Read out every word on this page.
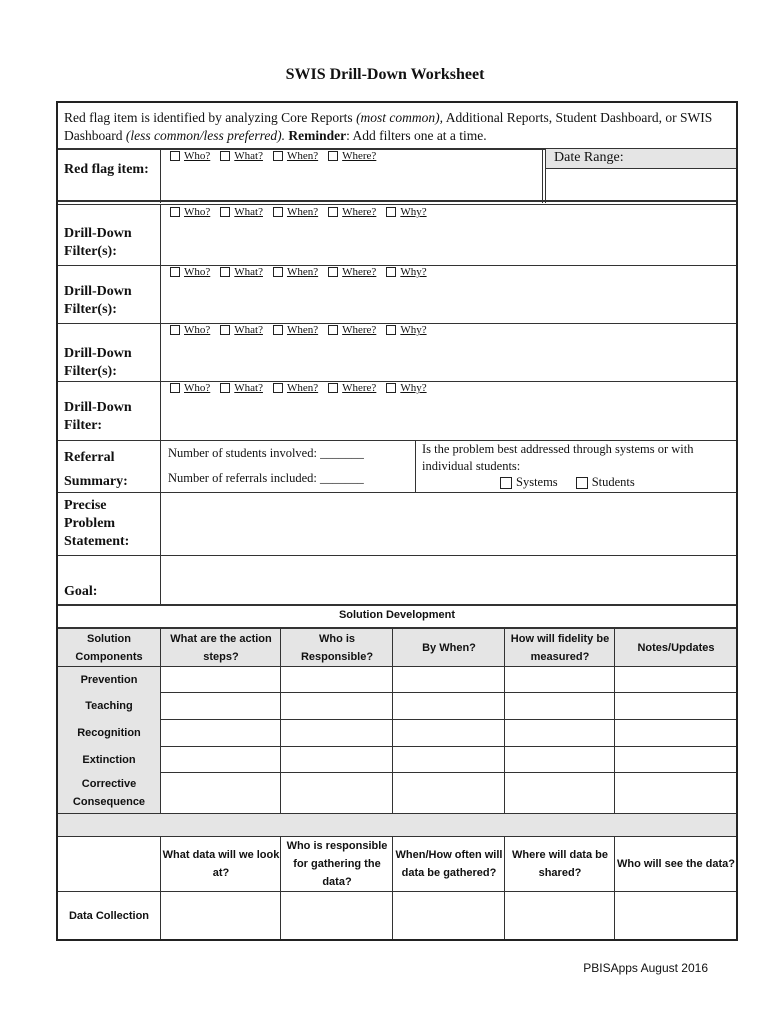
SWIS Drill-Down Worksheet
Red flag item is identified by analyzing Core Reports (most common), Additional Reports, Student Dashboard, or SWIS Dashboard (less common/less preferred). Reminder: Add filters one at a time.
Red flag item:
Who? What? When? Where?	Date Range:
Who? What? When? Where? Why?
Drill-Down Filter(s):
Who? What? When? Where? Why?
Drill-Down Filter(s):
Who? What? When? Where? Why?
Drill-Down Filter(s):
Who? What? When? Where? Why?
Drill-Down Filter:
Referral
Summary:
Number of students involved: _______
Number of referrals included: _______
Is the problem best addressed through systems or with individual students:
Systems	Students
Precise Problem Statement:
Goal:
Solution Development
Solution Components
What are the action steps?
Who is Responsible?
By When?
How will fidelity be measured?
Notes/Updates
Prevention
Teaching
Recognition
Extinction
Corrective Consequence
What data will we look at?
Who is responsible for gathering the data?
When/How often will data be gathered?
Where will data be shared?
Who will see the data?
Data Collection
PBISApps August 2016
